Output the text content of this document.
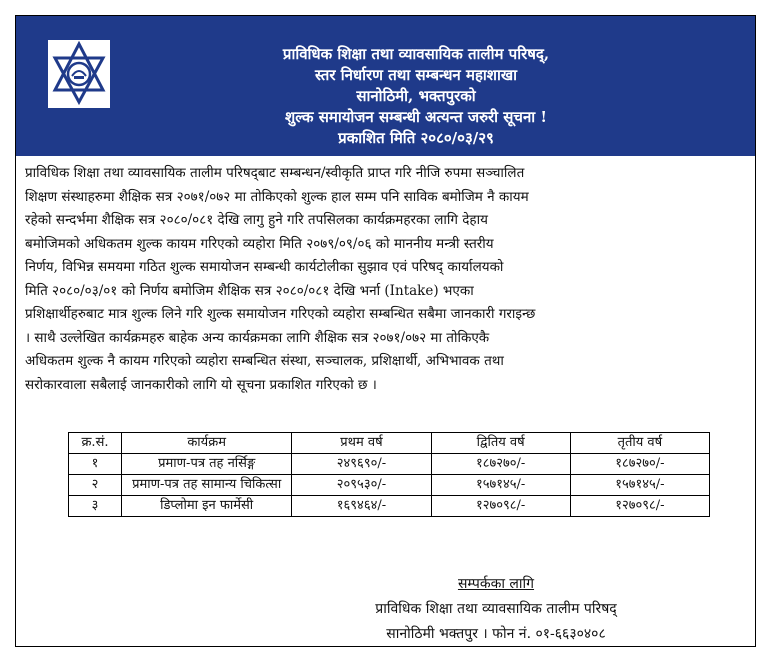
प्राविधिक शिक्षा तथा व्यावसायिक तालीम परिषद्,
स्तर निर्धारण तथा सम्बन्धन महाशाखा
सानोठिमी, भक्तपुरको
शुल्क समायोजन सम्बन्धी अत्यन्त जरुरी सूचना !
प्रकाशित मिति २०८०/०३/२९
प्राविधिक शिक्षा तथा व्यावसायिक तालीम परिषद्‌बाट सम्बन्धन/स्वीकृति प्राप्त गरि नीजि रुपमा सञ्चालित
शिक्षण संस्थाहरुमा शैक्षिक सत्र २०७१/०७२ मा तोकिएको शुल्क हाल सम्म पनि साविक बमोजिम नै कायम
रहेको सन्दर्भमा शैक्षिक सत्र २०८०/०८१ देखि लागु हुने गरि तपसिलका कार्यक्रमहरका लागि देहाय
बमोजिमको अधिकतम शुल्क कायम गरिएको व्यहोरा मिति २०७९/०९/०६ को माननीय मन्त्री स्तरीय
निर्णय, विभिन्न समयमा गठित शुल्क समायोजन सम्बन्धी कार्यटोलीका सुझाव एवं परिषद् कार्यालयको
मिति २०८०/०३/०१ को निर्णय बमोजिम शैक्षिक सत्र २०८०/०८१ देखि भर्ना (Intake) भएका
प्रशिक्षार्थीहरुबाट मात्र शुल्क लिने गरि शुल्क समायोजन गरिएको व्यहोरा सम्बन्धित सबैमा जानकारी गराइन्छ
। साथै उल्लेखित कार्यक्रमहरु बाहेक अन्य कार्यक्रमका लागि शैक्षिक सत्र २०७१/०७२ मा तोकिएकै
अधिकतम शुल्क नै कायम गरिएको व्यहोरा सम्बन्धित संस्था, सञ्चालक, प्रशिक्षार्थी, अभिभावक तथा
सरोकारवाला सबैलाई जानकारीको लागि यो सूचना प्रकाशित गरिएको छ ।
क्र.सं.	कार्यक्रम	प्रथम वर्ष	द्वितिय वर्ष	तृतीय वर्ष
१	प्रमाण-पत्र तह नर्सिङ्ग	२४९६९०/-	१८७२७०/-	१८७२७०/-
२	प्रमाण-पत्र तह सामान्य चिकित्सा	२०९५३०/-	१५७१४५/-	१५७१४५/-
३	डिप्लोमा इन फार्मेसी	१६९४६४/-	१२७०९८/-	१२७०९८/-
सम्पर्कका लागि
प्राविधिक शिक्षा तथा व्यावसायिक तालीम परिषद्
सानोठिमी भक्तपुर । फोन नं. ०१-६६३०४०८
